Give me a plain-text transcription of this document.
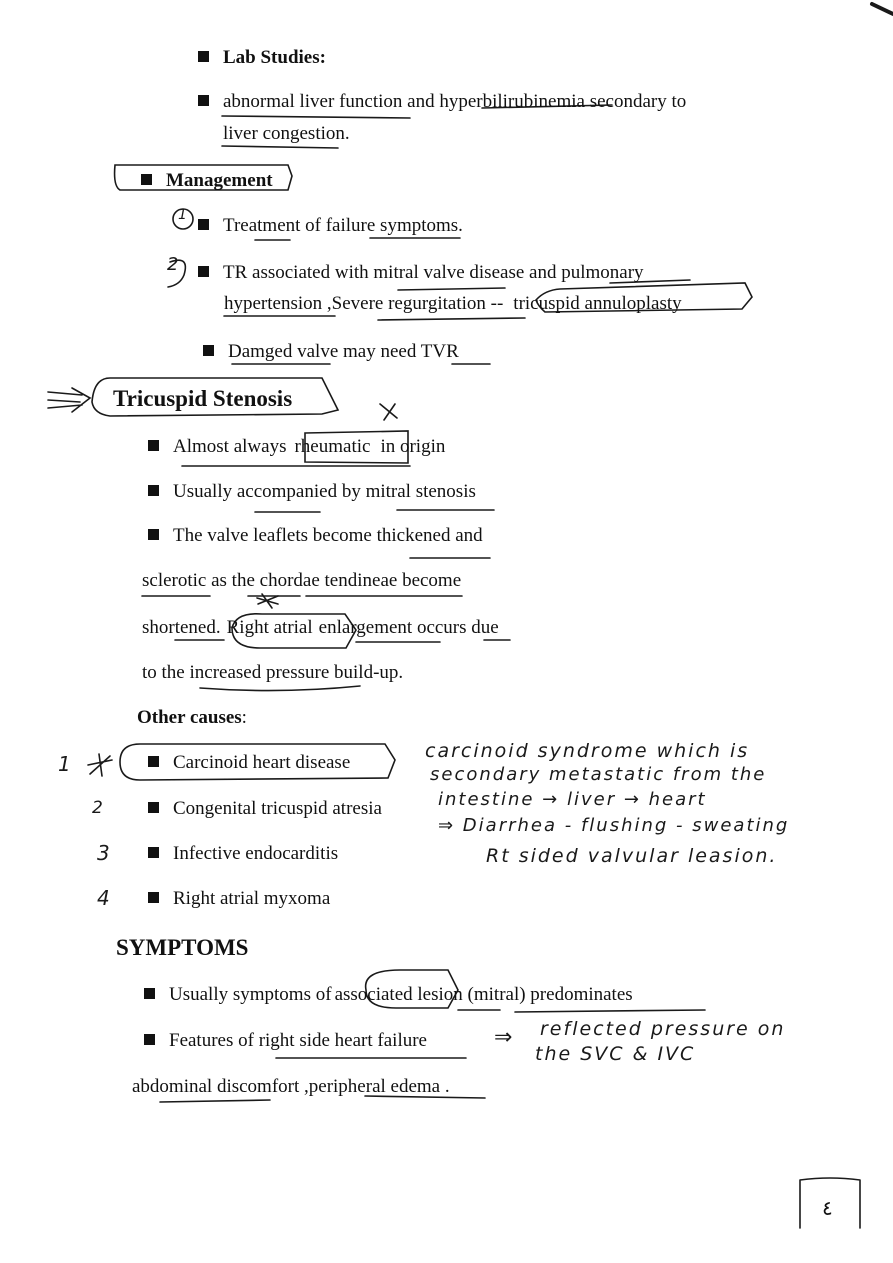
Lab Studies:
abnormal liver function and hyperbilirubinemia secondary to
liver congestion.
Management
1	Treatment of failure symptoms.
2	TR associated with mitral valve disease and pulmonary
hypertension ,Severe regurgitation -- tricuspid annuloplasty
Damged valve may need TVR
Tricuspid Stenosis
Almost always rheumatic in origin
Usually accompanied by mitral stenosis
The valve leaflets become thickened and
sclerotic as the chordae tendineae become
shortened. Right atrial enlargement occurs due
to the increased pressure build-up.
Other causes:
1	Carcinoid heart disease
2	Congenital tricuspid atresia
3	Infective endocarditis
4	Right atrial myxoma
carcinoid syndrome which is
secondary metastatic from the
intestine → liver → heart
⇒ Diarrhea - flushing - sweating
Rt sided valvular leasion.
SYMPTOMS
Usually symptoms of associated lesion (mitral) predominates
Features of right side heart failure	⇒ reflected pressure on
the SVC & IVC
abdominal discomfort ,peripheral edema .
٤
